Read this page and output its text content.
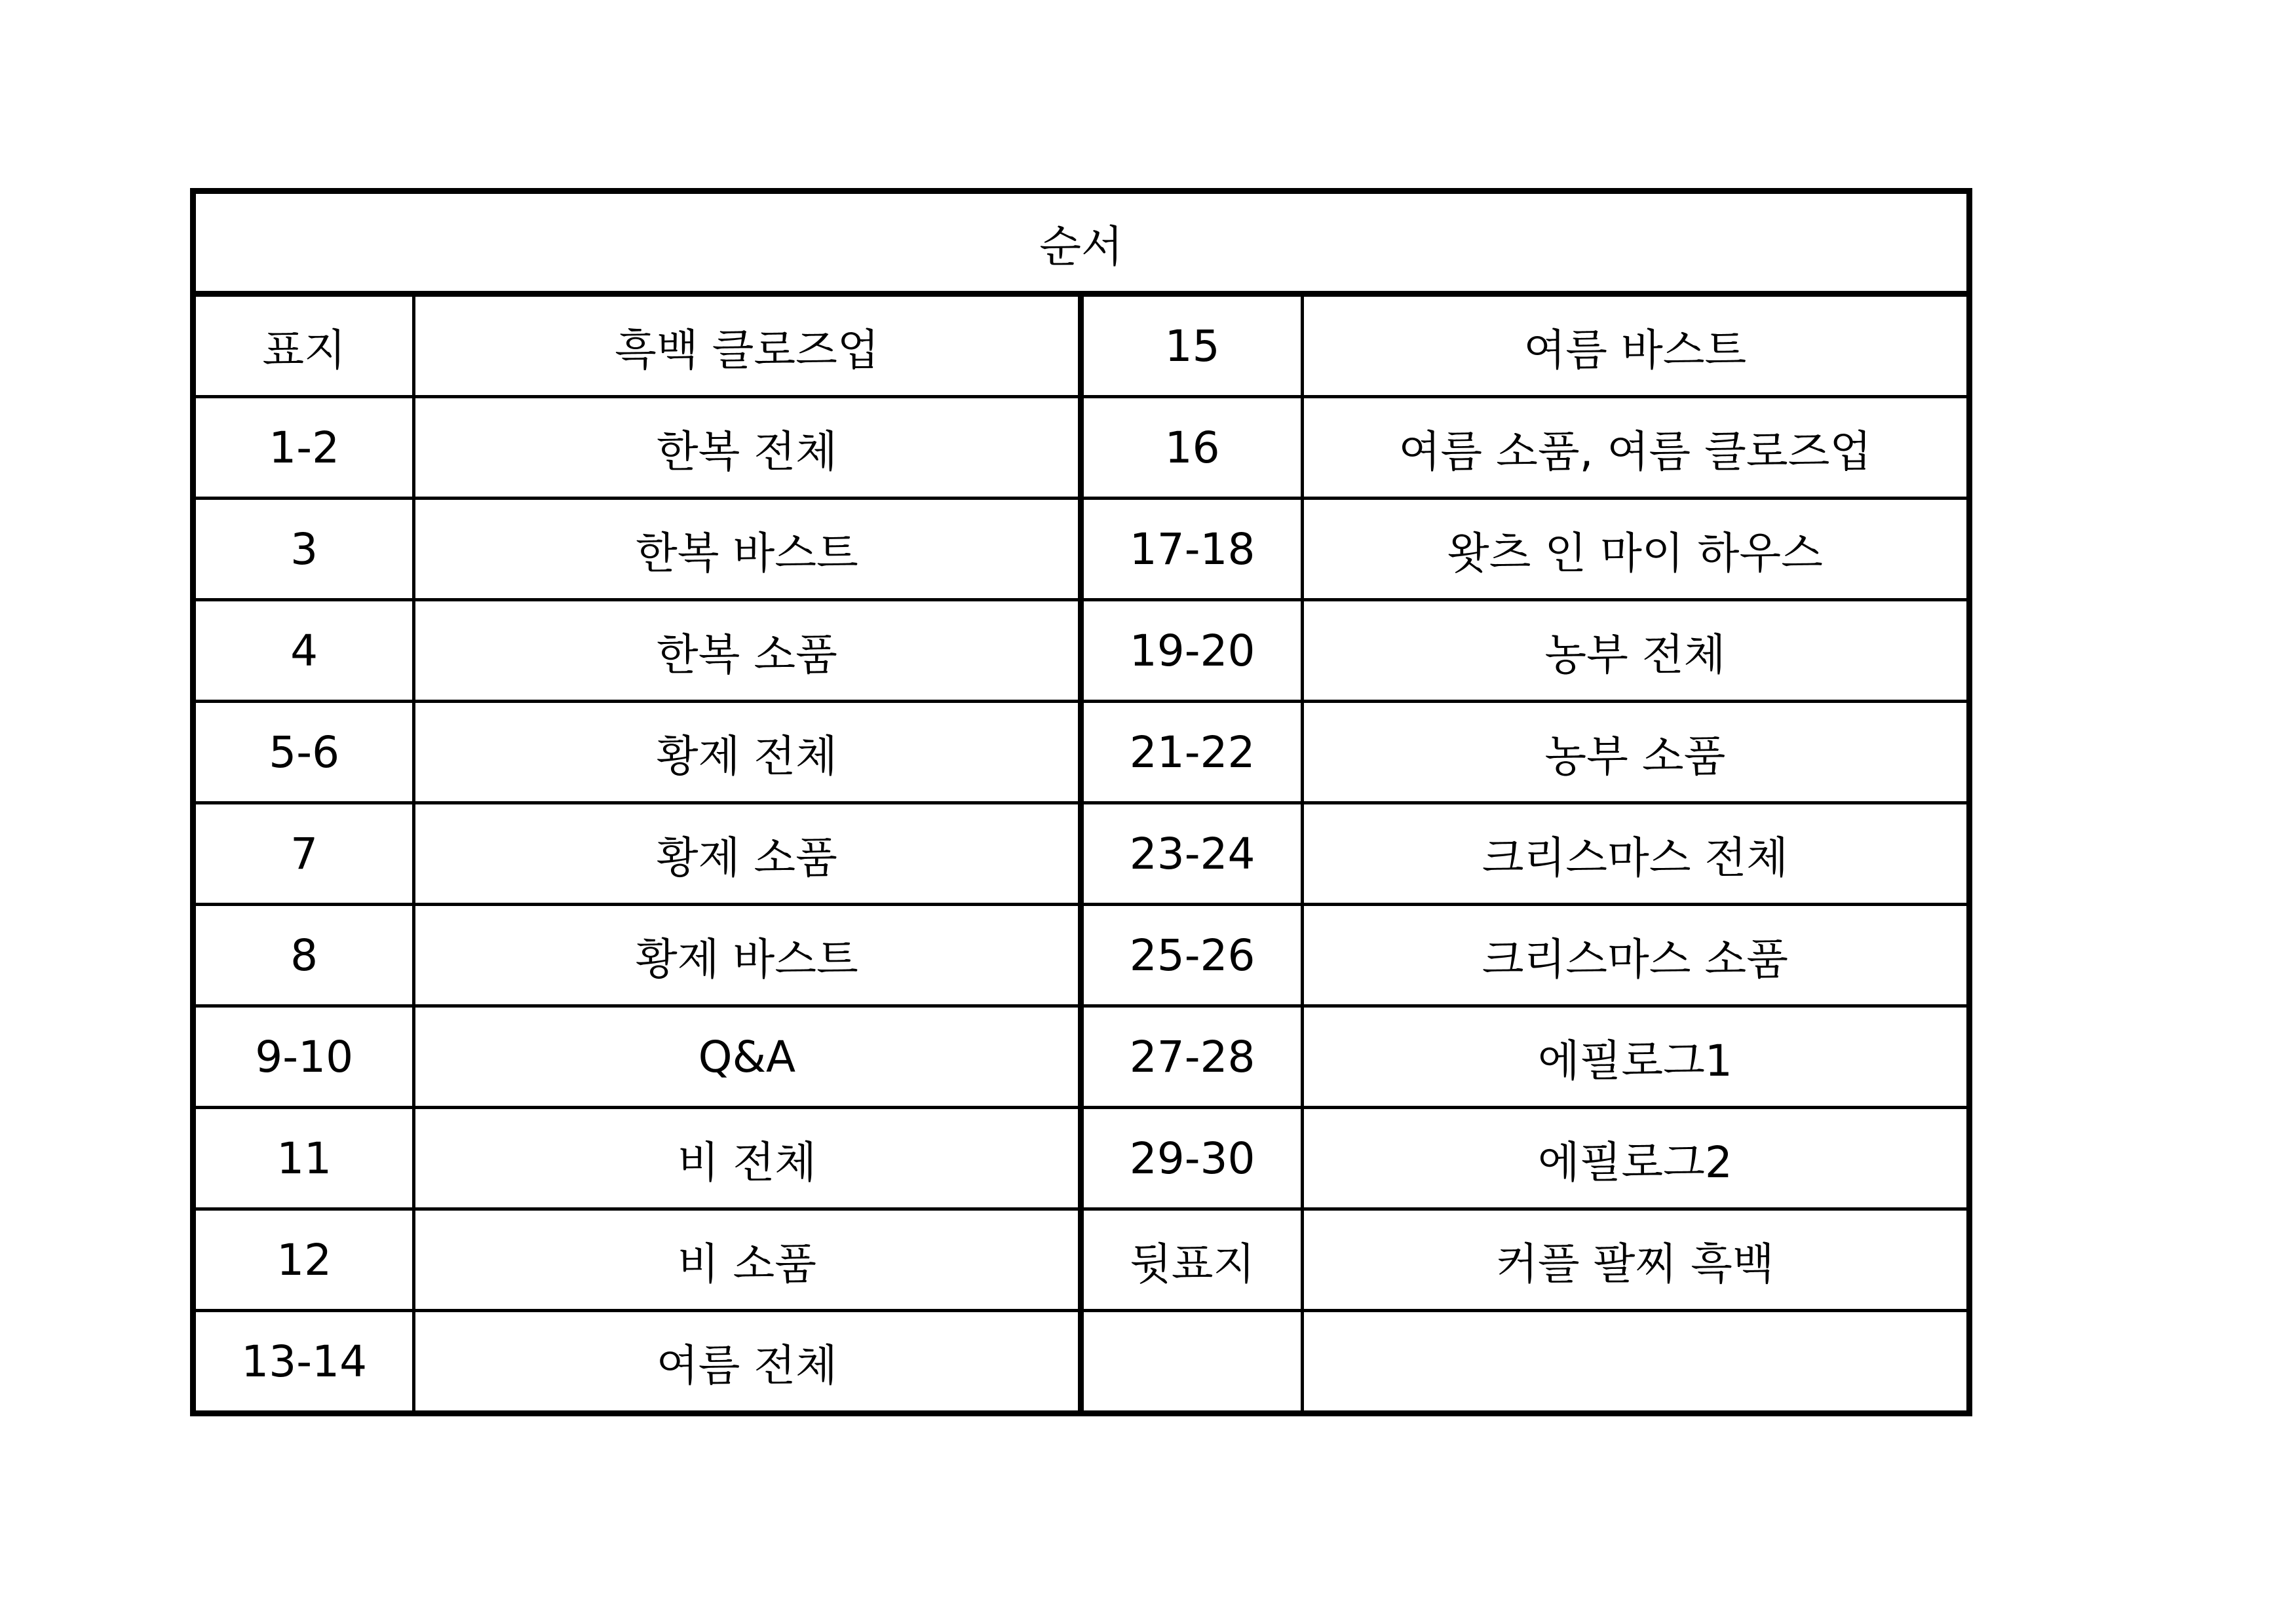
순서			
표지	흑백 클로즈업	15	여름 바스트
1-2	한복 전체	16	여름 소품, 여름 클로즈업
3	한복 바스트	17-18	왓츠 인 마이 하우스
4	한복 소품	19-20	농부 전체
5-6	황제 전체	21-22	농부 소품
7	황제 소품	23-24	크리스마스 전체
8	황제 바스트	25-26	크리스마스 소품
9-10	Q&A	27-28	에필로그1
11	비 전체	29-30	에필로그2
12	비 소품	뒷표지	커플 팔찌 흑백
13-14	여름 전체		
